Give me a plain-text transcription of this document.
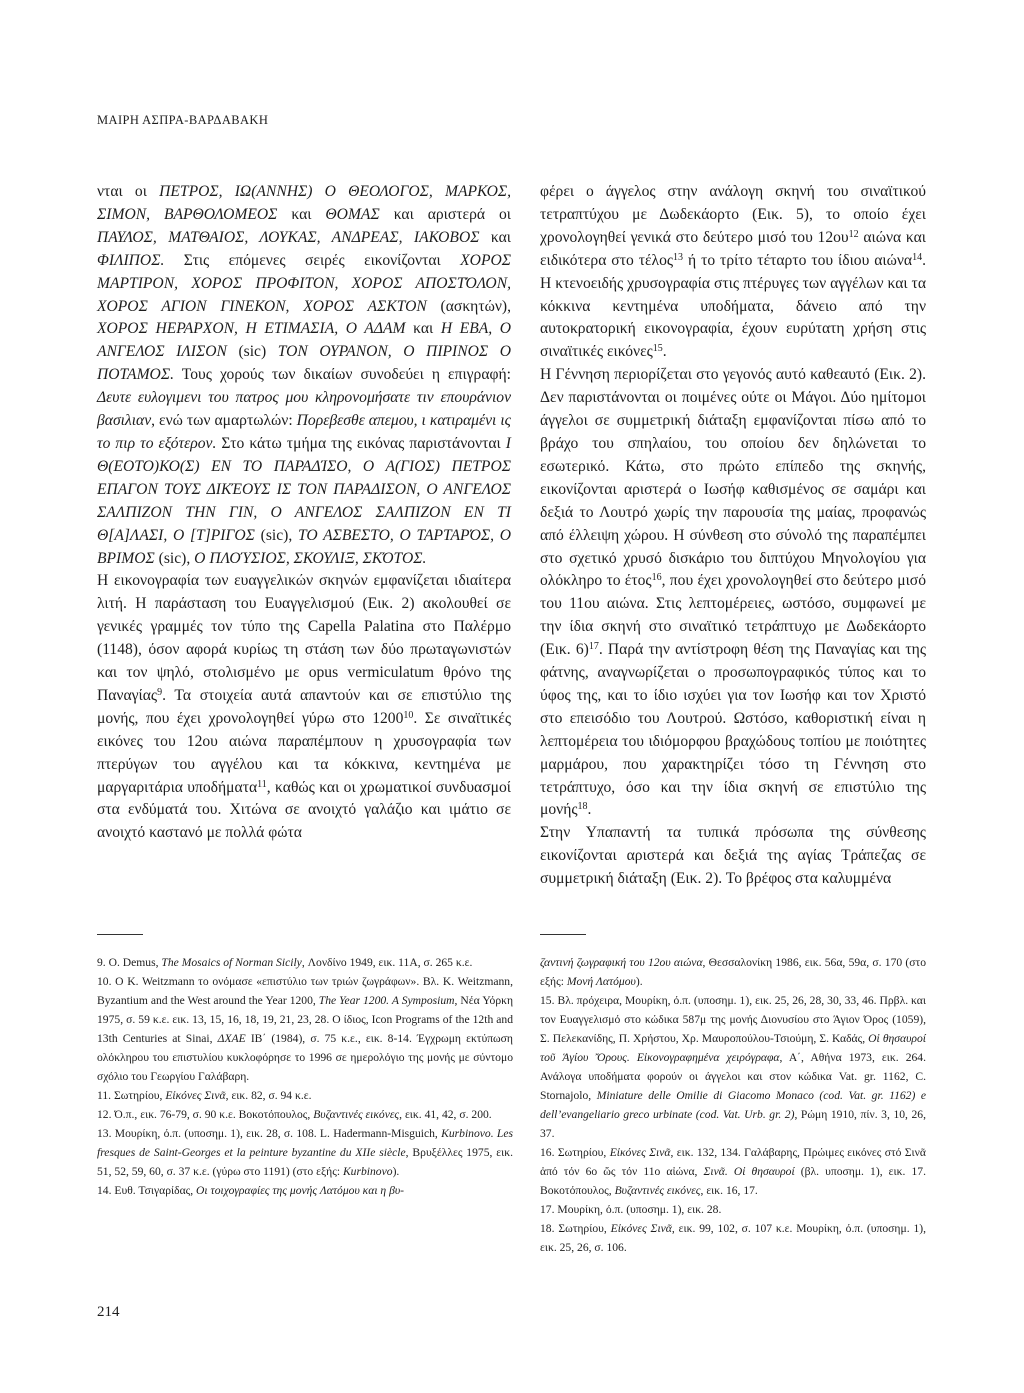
ΜΑΙΡΗ ΑΣΠΡΑ-ΒΑΡΔΑΒΑΚΗ

νται οι ΠΕΤΡΟΣ, ΙΩ(ΑΝΝΗΣ) Ο ΘΕΟΛΟΓΟΣ, ΜΑΡΚΟΣ, ΣΙΜΟΝ, ΒΑΡΘΟΛΟΜΕΟΣ και ΘΟΜΑΣ και αριστερά οι ΠΑΥΛΟΣ, ΜΑΤΘΑΙΟΣ, ΛΟΥΚΑΣ, ΑΝΔΡΕΑΣ, ΙΑΚΟΒΟΣ και ΦΙΛΙΠΟΣ. Στις επόμενες σειρές εικονίζονται ΧΟΡΟΣ ΜΑΡΤΙΡΟΝ, ΧΟΡΟΣ ΠΡΟΦΙΤΟΝ, ΧΟΡΟΣ ΑΠΟΣΤΌΛΟΝ, ΧΟΡΟΣ ΑΓΙΟΝ ΓΙΝΕΚΟΝ, ΧΟΡΟΣ ΑΣΚΤΟΝ (ασκητών), ΧΟΡΟΣ ΗΕΡΑΡΧΟΝ, Η ΕΤΙΜΑΣΙΑ, Ο ΑΔΑΜ και Η ΕΒΑ, Ο ΑΝΓΕΛΟΣ ΙΛΙΣΟΝ (sic) ΤΟΝ ΟΥΡΑΝΟΝ, Ο ΠΙΡΙΝΟΣ Ο ΠΟΤΑΜΟΣ. Τους χορούς των δικαίων συνοδεύει η επιγραφή: Δευτε ευλογιμενι του πατρος μου κληρονομήσατε τιν επουράνιον βασιλιαν, ενώ των αμαρτωλών: Πορεβεσθε απεμου, ι κατιραμένι ις το πιρ το εξότερον. Στο κάτω τμήμα της εικόνας παριστάνονται Ι Θ(ΕΟΤΟ)ΚΟ(Σ) ΕΝ ΤΟ ΠΑΡΑΔΊΣΟ, Ο Α(ΓΙΟΣ) ΠΕΤΡΟΣ ΕΠΑΓΟΝ ΤΟΥΣ ΔΙΚΈΟΥΣ ΙΣ ΤΟΝ ΠΑΡΑΔΙΣΟΝ, Ο ΑΝΓΕΛΟΣ ΣΑΛΠΙΖΟΝ ΤΗΝ ΓΙΝ, Ο ΑΝΓΕΛΟΣ ΣΑΛΠΙΖΟΝ ΕΝ ΤΙ Θ[Α]ΛΑΣΙ, Ο [Τ]ΡΙΓΟΣ (sic), ΤΟ ΑΣΒΕΣΤΟ, Ο ΤΑΡΤΑΡΌΣ, Ο ΒΡΙΜΟΣ (sic), Ο ΠΛΟΎΣΙΟΣ, ΣΚΟΥΛΙΞ, ΣΚΌΤΟΣ.

Η εικονογραφία των ευαγγελικών σκηνών εμφανίζεται ιδιαίτερα λιτή. Η παράσταση του Ευαγγελισμού (Εικ. 2) ακολουθεί σε γενικές γραμμές τον τύπο της Capella Palatina στο Παλέρμο (1148), όσον αφορά κυρίως τη στάση των δύο πρωταγωνιστών και τον ψηλό, στολισμένο με opus vermiculatum θρόνο της Παναγίας$^9$. Τα στοιχεία αυτά απαντούν και σε επιστύλιο της μονής, που έχει χρονολογηθεί γύρω στο 1200$^{10}$. Σε σιναϊτικές εικόνες του 12ου αιώνα παραπέμπουν η χρυσογραφία των πτερύγων του αγγέλου και τα κόκκινα, κεντημένα με μαργαριτάρια υποδήματα$^{11}$, καθώς και οι χρωματικοί συνδυασμοί στα ενδύματά του. Χιτώνα σε ανοιχτό γαλάζιο και ιμάτιο σε ανοιχτό καστανό με πολλά φώτα

φέρει ο άγγελος στην ανάλογη σκηνή του σιναϊτικού τετραπτύχου με Δωδεκάορτο (Εικ. 5), το οποίο έχει χρονολογηθεί γενικά στο δεύτερο μισό του $12o\upsilon^{12}$ αιώνα και ειδικότερα στο τέλος$^{13}$ ή το τρίτο τέταρτο του ίδιου αιώνα$^{14}$. Η κτενοειδής χρυσογραφία στις πτέρυγες των αγγέλων και τα κόκκινα κεντημένα υποδήματα, δάνειο από την αυτοκρατορική εικονογραφία, έχουν ευρύτατη χρήση στις σιναϊτικές εικόνες$^{15}$.

Η Γέννηση περιορίζεται στο γεγονός αυτό καθεαυτό (Εικ. 2). Δεν παριστάνονται οι ποιμένες ούτε οι Μάγοι. Δύο ημίτομοι άγγελοι σε συμμετρική διάταξη εμφανίζονται πίσω από το βράχο του σπηλαίου, του οποίου δεν δηλώνεται το εσωτερικό. Κάτω, στο πρώτο επίπεδο της σκηνής, εικονίζονται αριστερά ο Ιωσήφ καθισμένος σε σαμάρι και δεξιά το Λουτρό χωρίς την παρουσία της μαίας, προφανώς από έλλειψη χώρου. Η σύνθεση στο σύνολό της παραπέμπει στο σχετικό χρυσό δισκάριο του διπτύχου Μηνολογίου για ολόκληρο το έτος$^{16}$, που έχει χρονολογηθεί στο δεύτερο μισό του 11ου αιώνα. Στις λεπτομέρειες, ωστόσο, συμφωνεί με την ίδια σκηνή στο σιναϊτικό τετράπτυχο με Δωδεκάορτο (Εικ. 6)$^{17}$. Παρά την αντίστροφη θέση της Παναγίας και της φάτνης, αναγνωρίζεται ο προσωπογραφικός τύπος και το ύφος της, και το ίδιο ισχύει για τον Ιωσήφ και τον Χριστό στο επεισόδιο του Λουτρού. Ωστόσο, καθοριστική είναι η λεπτομέρεια του ιδιόμορφου βραχώδους τοπίου με ποιότητες μαρμάρου, που χαρακτηρίζει τόσο τη Γέννηση στο τετράπτυχο, όσο και την ίδια σκηνή σε επιστύλιο της μονής$^{18}$.

Στην Υπαπαντή τα τυπικά πρόσωπα της σύνθεσης εικονίζονται αριστερά και δεξιά της αγίας Τράπεζας σε συμμετρική διάταξη (Εικ. 2). Το βρέφος στα καλυμμένα

9. O. Demus, The Mosaics of Norman Sicily, Λονδίνο 1949, εικ. 11Α, σ. 265 κ.ε.

10. O K. Weitzmann το ονόμασε «επιστύλιο των τριών ζωγράφων». Βλ. K. Weitzmann, Byzantium and the West around the Year 1200, The Year 1200. A Symposium, Νέα Υόρκη 1975, σ. 59 κ.ε. εικ. 13, 15, 16, 18, 19, 21, 23, 28. Ο ίδιος, Icon Programs of the 12th and 13th Centuries at Sinai, ΔΧΑΕ ΙΒ΄ (1984), σ. 75 κ.ε., εικ. 8-14. Έγχρωμη εκτύπωση ολόκληρου του επιστυλίου κυκλοφόρησε το 1996 σε ημερολόγιο της μονής με σύντομο σχόλιο του Γεωργίου Γαλάβαρη.

11. Σωτηρίου, Εἰκόνες Σινᾶ, εικ. 82, σ. 94 κ.ε.

12. Ό.π., εικ. 76-79, σ. 90 κ.ε. Βοκοτόπουλος, Βυζαντινές εικόνες, εικ. 41, 42, σ. 200.

13. Μουρίκη, ό.π. (υποσημ. 1), εικ. 28, σ. 108. L. Hadermann-Misguich, Kurbinovo. Les fresques de Saint-Georges et la peinture byzantine du XIIe siècle, Βρυξέλλες 1975, εικ. 51, 52, 59, 60, σ. 37 κ.ε. (γύρω στο 1191) (στο εξής: Kurbinovo).

14. Ευθ. Τσιγαρίδας, Οι τοιχογραφίες της μονής Λατόμου και η βυ-

ζαντινή ζωγραφική του 12ου αιώνα, Θεσσαλονίκη 1986, εικ. 56α, 59α, σ. 170 (στο εξής: Μονή Λατόμου).

15. Βλ. πρόχειρα, Μουρίκη, ό.π. (υποσημ. 1), εικ. 25, 26, 28, 30, 33, 46. Πρβλ. και τον Ευαγγελισμό στο κώδικα 587μ της μονής Διονυσίου στο Άγιον Όρος (1059), Σ. Πελεκανίδης, Π. Χρήστου, Χρ. Μαυροπούλου-Τσιούμη, Σ. Καδάς, Οἱ θησαυροί τοῦ Ἁγίου Ὄρους. Εἰκονογραφημένα χειρόγραφα, Α΄, Αθήνα 1973, εικ. 264. Ανάλογα υποδήματα φορούν οι άγγελοι και στον κώδικα Vat. gr. 1162, C. Stornajolo, Miniature delle Omilie di Giacomo Monaco (cod. Vat. gr. 1162) e dell’evangeliario greco urbinate (cod. Vat. Urb. gr. 2), Ρώμη 1910, πίν. 3, 10, 26, 37.

16. Σωτηρίου, Εἰκόνες Σινᾶ, εικ. 132, 134. Γαλάβαρης, Πρώιμες εικόνες στό Σινᾶ ἀπό τόν 6ο ὥς τόν 11ο αἰώνα, Σινᾶ. Οἱ θησαυροί (βλ. υποσημ. 1), εικ. 17. Βοκοτόπουλος, Βυζαντινές εικόνες, εικ. 16, 17.

17. Μουρίκη, ό.π. (υποσημ. 1), εικ. 28.

18. Σωτηρίου, Εἰκόνες Σινᾶ, εικ. 99, 102, σ. 107 κ.ε. Μουρίκη, ό.π. (υποσημ. 1), εικ. 25, 26, σ. 106.

214
